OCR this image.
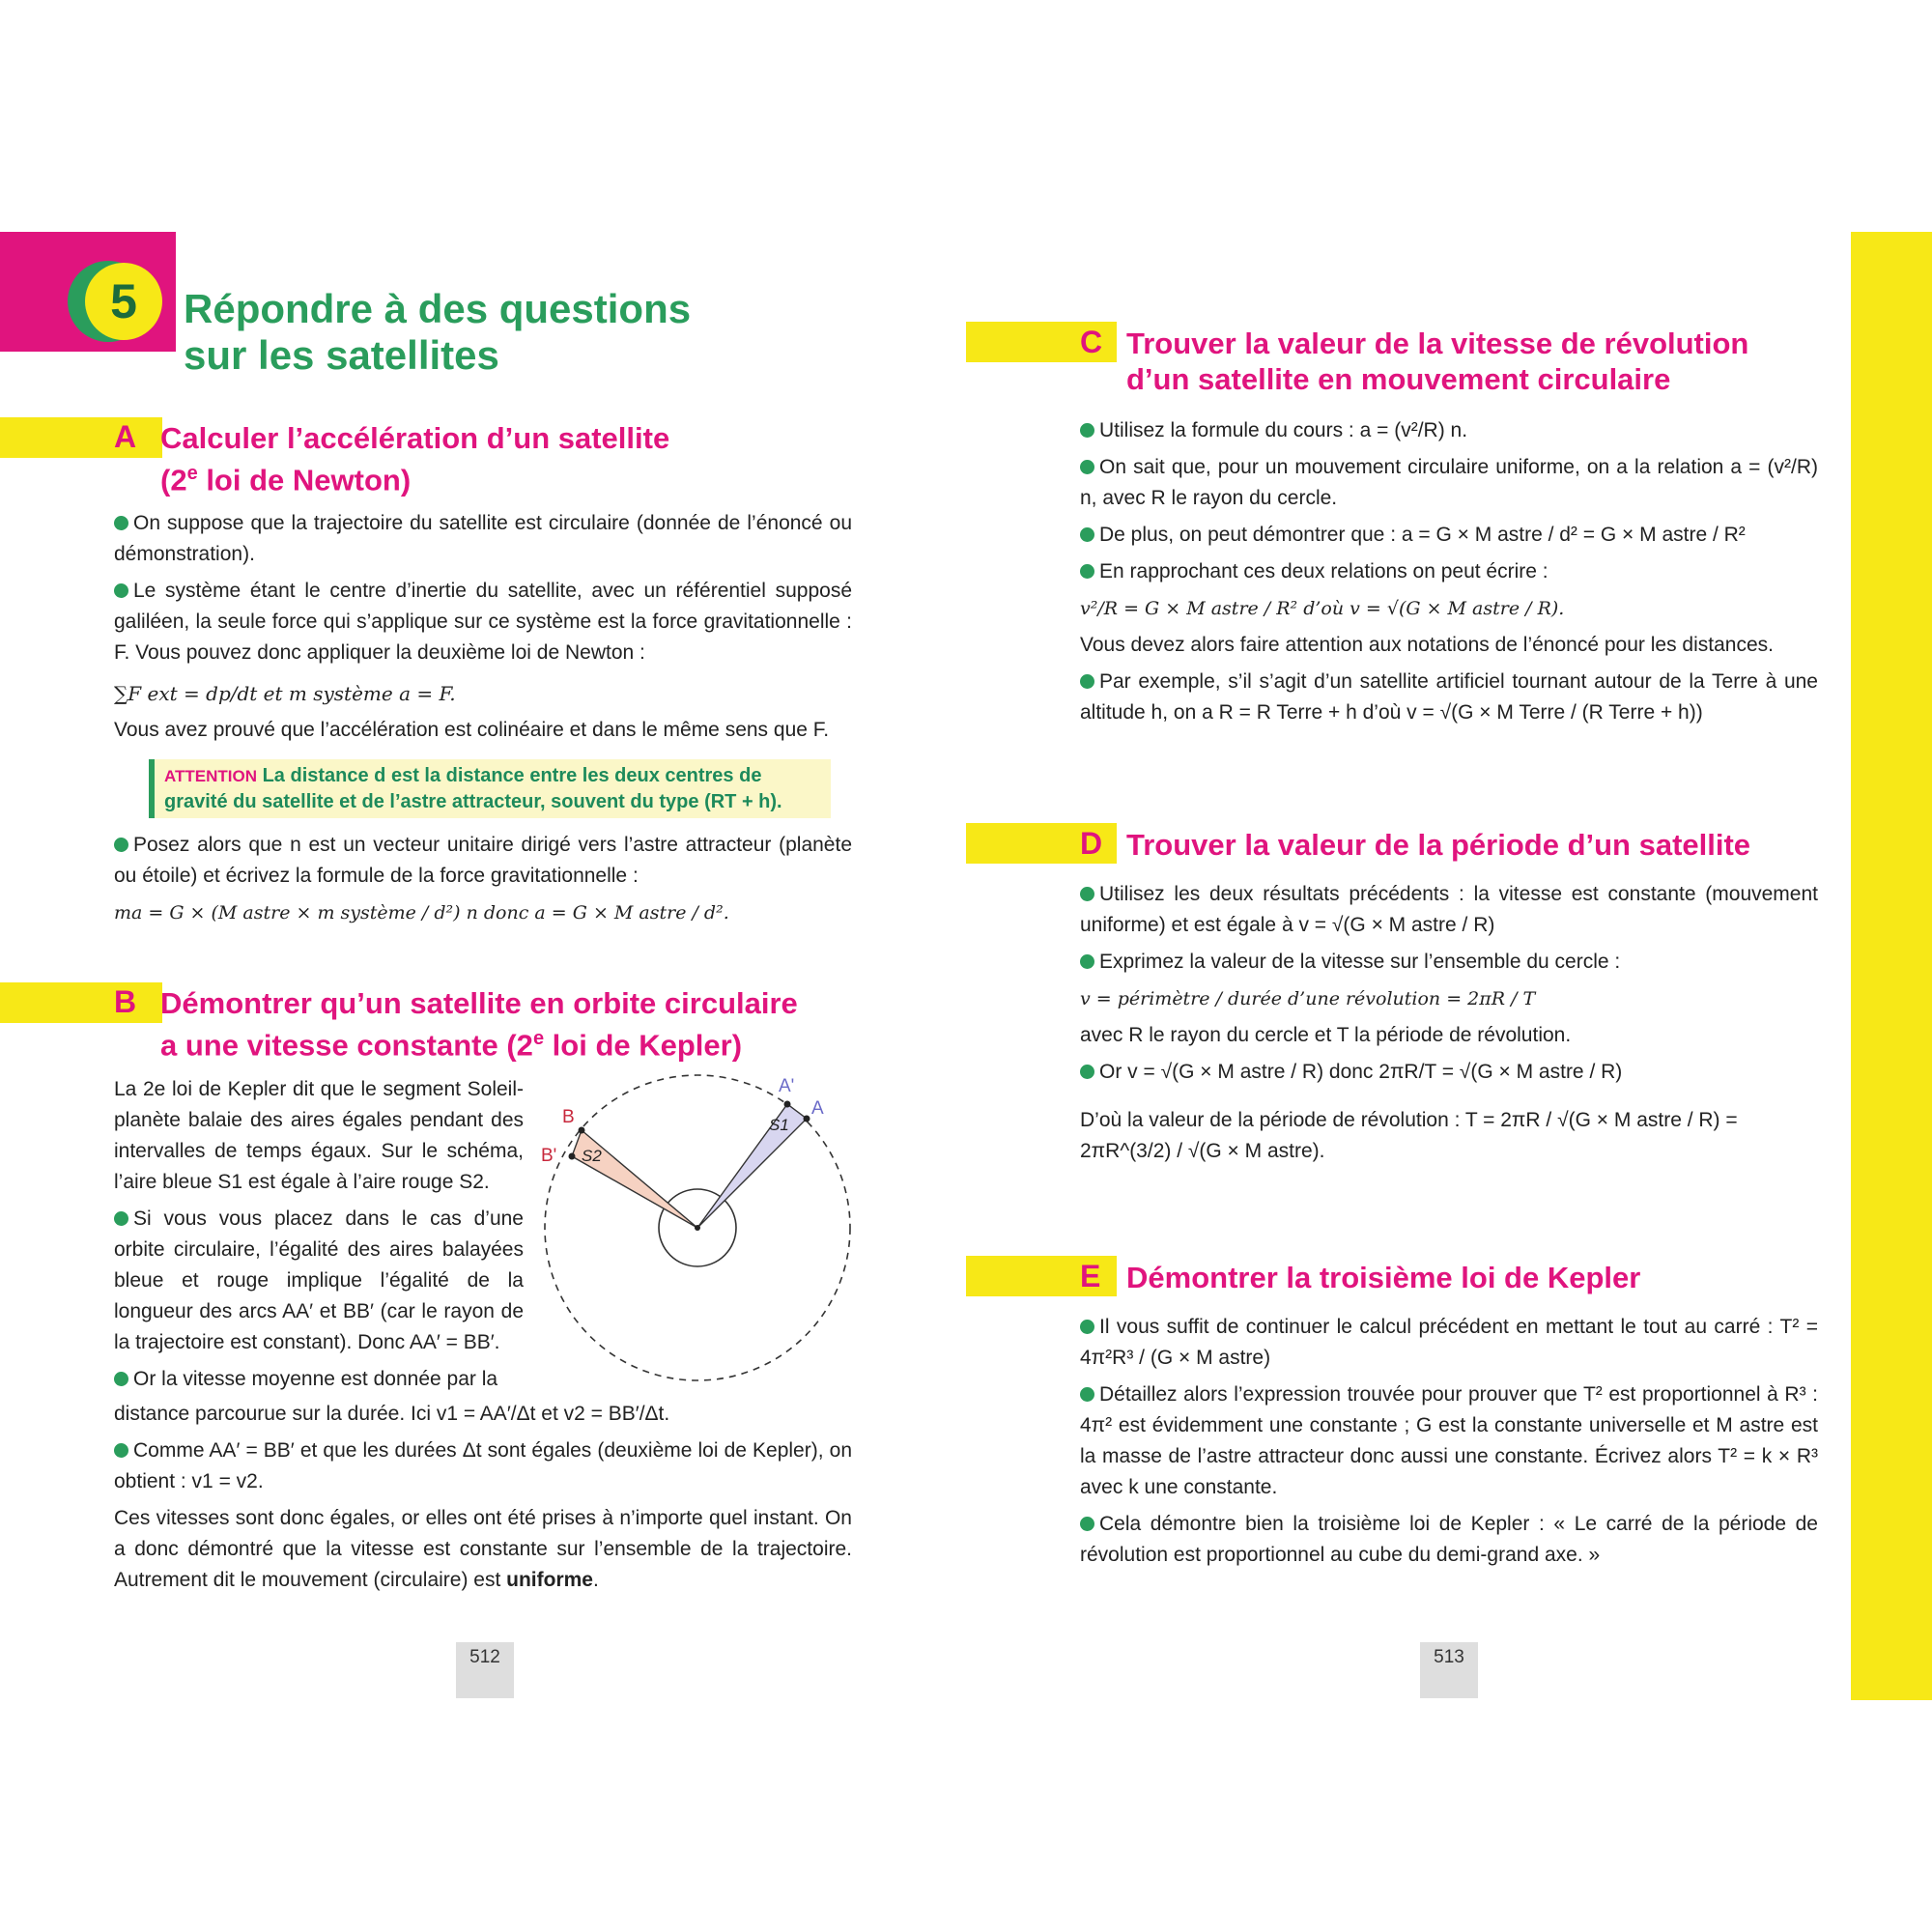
5	Répondre à des questions
sur les satellites
A Calculer l’accélération d’un satellite
(2e loi de Newton)

On suppose que la trajectoire du satellite est circulaire (donnée de l’énoncé ou démonstration).

Le système étant le centre d’inertie du satellite, avec un référentiel supposé galiléen, la seule force qui s’applique sur ce système est la force gravitationnelle : F. Vous pouvez donc appliquer la deuxième loi de Newton :

∑F ext = dp/dt et m système a = F.

Vous avez prouvé que l’accélération est colinéaire et dans le même sens que F.

ATTENTION La distance d est la distance entre les deux centres de gravité du satellite et de l’astre attracteur, souvent du type (RT + h).

Posez alors que n est un vecteur unitaire dirigé vers l’astre attracteur (planète ou étoile) et écrivez la formule de la force gravitationnelle :

ma = G × (M astre × m système / d²) n donc a = G × M astre / d².

B Démontrer qu’un satellite en orbite circulaire
a une vitesse constante (2e loi de Kepler)

La 2e loi de Kepler dit que le segment Soleil-planète balaie des aires égales pendant des intervalles de temps égaux. Sur le schéma, l’aire bleue S1 est égale à l’aire rouge S2.

Si vous vous placez dans le cas d’une orbite circulaire, l’égalité des aires balayées bleue et rouge implique l’égalité de la longueur des arcs AA′ et BB′ (car le rayon de la trajectoire est constant). Donc AA′ = BB′.

Or la vitesse moyenne est donnée par la

A'
A
S1
B
B' S2

distance parcourue sur la durée. Ici v1 = AA′/Δt et v2 = BB′/Δt.

Comme AA′ = BB′ et que les durées Δt sont égales (deuxième loi de Kepler), on obtient : v1 = v2.

Ces vitesses sont donc égales, or elles ont été prises à n’importe quel instant. On a donc démontré que la vitesse est constante sur l’ensemble de la trajectoire. Autrement dit le mouvement (circulaire) est uniforme.

512
C Trouver la valeur de la vitesse de révolution
d’un satellite en mouvement circulaire

Utilisez la formule du cours : a = (v²/R) n.

On sait que, pour un mouvement circulaire uniforme, on a la relation a = (v²/R) n, avec R le rayon du cercle.

De plus, on peut démontrer que : a = G × M astre / d² = G × M astre / R²

En rapprochant ces deux relations on peut écrire :

v²/R = G × M astre / R² d’où v = √(G × M astre / R).

Vous devez alors faire attention aux notations de l’énoncé pour les distances.

Par exemple, s’il s’agit d’un satellite artificiel tournant autour de la Terre à une altitude h, on a R = R Terre + h d’où v = √(G × M Terre / (R Terre + h))

D Trouver la valeur de la période d’un satellite

Utilisez les deux résultats précédents : la vitesse est constante (mouvement uniforme) et est égale à v = √(G × M astre / R)

Exprimez la valeur de la vitesse sur l’ensemble du cercle :

v = périmètre / durée d’une révolution = 2πR / T

avec R le rayon du cercle et T la période de révolution.

Or v = √(G × M astre / R) donc 2πR/T = √(G × M astre / R)

D’où la valeur de la période de révolution : T = 2πR / √(G × M astre / R) = 2πR^(3/2) / √(G × M astre).

E Démontrer la troisième loi de Kepler

Il vous suffit de continuer le calcul précédent en mettant le tout au carré : T² = 4π²R³ / (G × M astre)

Détaillez alors l’expression trouvée pour prouver que T² est proportionnel à R³ : 4π² est évidemment une constante ; G est la constante universelle et M astre est la masse de l’astre attracteur donc aussi une constante. Écrivez alors T² = k × R³ avec k une constante.

Cela démontre bien la troisième loi de Kepler : « Le carré de la période de révolution est proportionnel au cube du demi-grand axe. »

513
